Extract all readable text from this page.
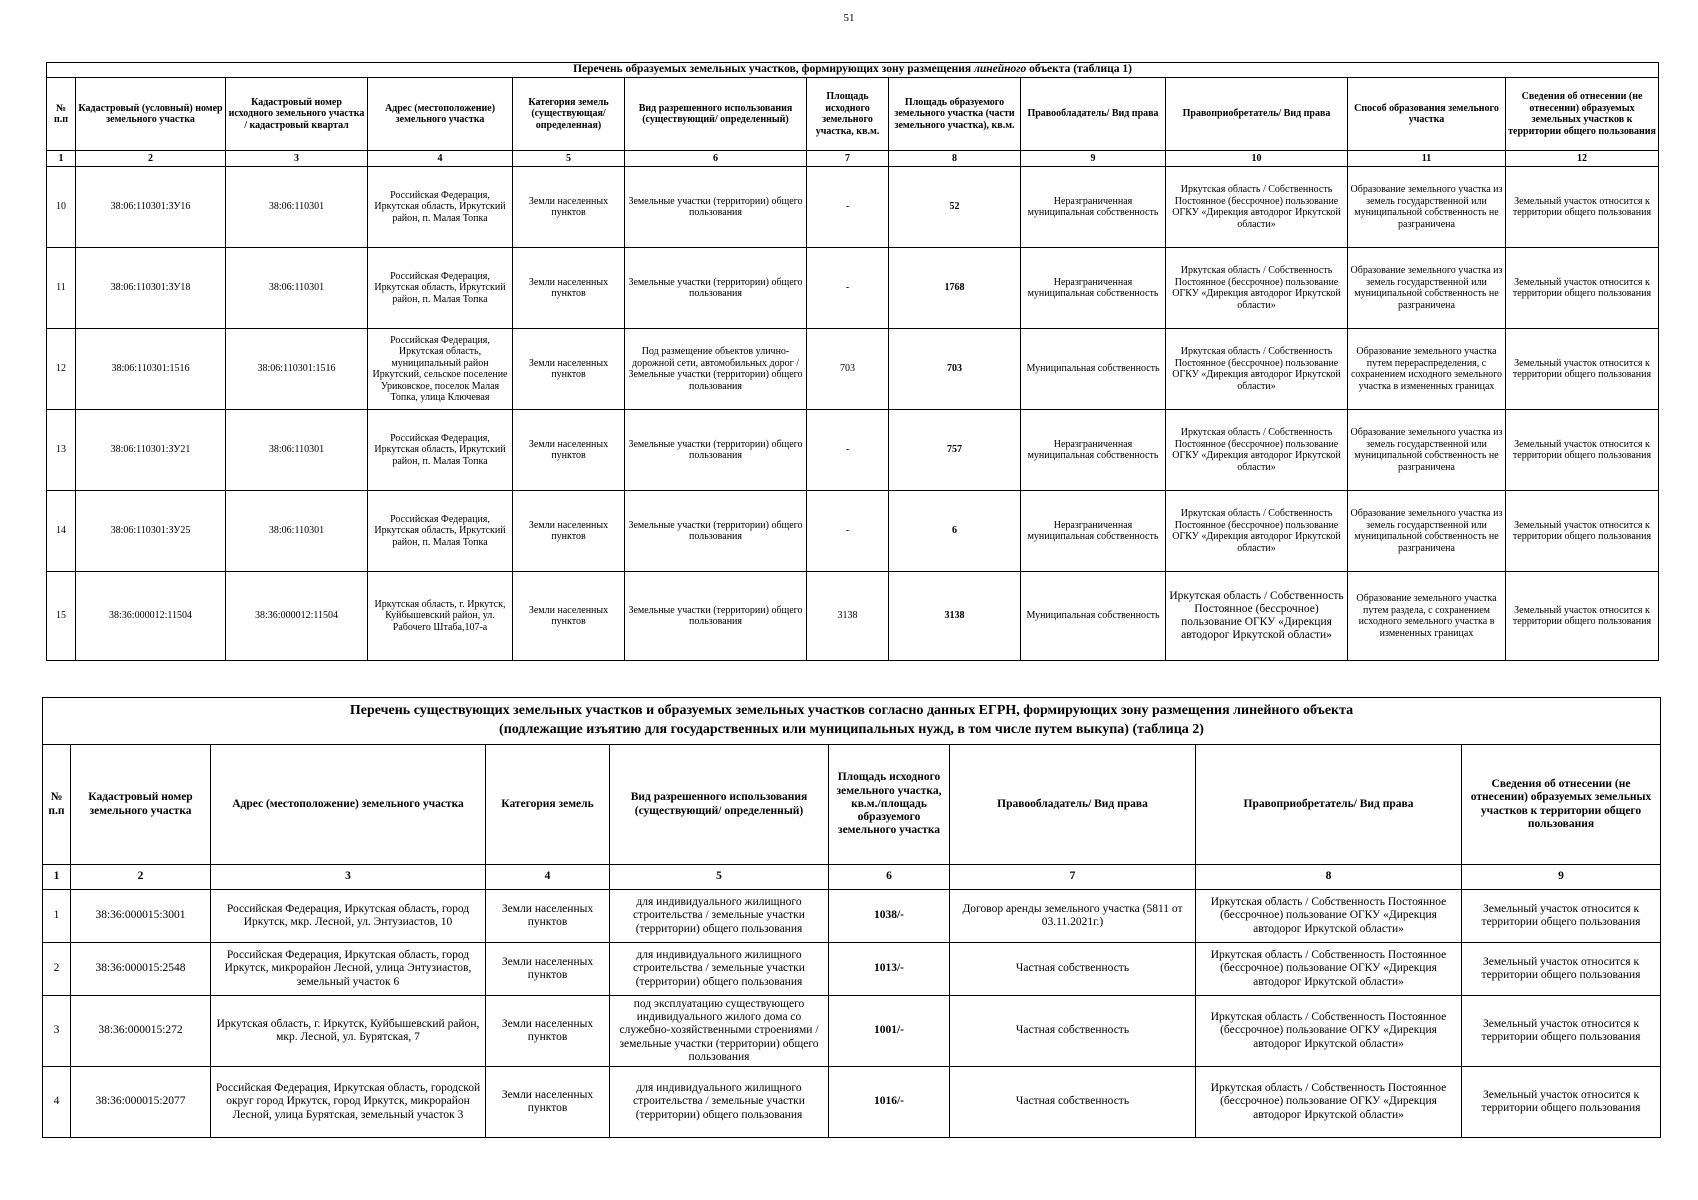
51
Перечень образуемых земельных участков, формирующих зону размещения линейного объекта (таблица 1)											
№ п.п	Кадастровый (условный) номер земельного участка	Кадастровый номер исходного земельного участка / кадастровый квартал	Адрес (местоположение) земельного участка	Категория земель (существующая/ определенная)	Вид разрешенного использования (существующий/ определенный)	Площадь исходного земельного участка, кв.м.	Площадь образуемого земельного участка (части земельного участка), кв.м.	Правообладатель/ Вид права	Правоприобретатель/ Вид права	Способ образования земельного участка	Сведения об отнесении (не отнесении) образуемых земельных участков к территории общего пользования
1	2	3	4	5	6	7	8	9	10	11	12
10	38:06:110301:ЗУ16	38:06:110301	Российская Федерация, Иркутская область, Иркутский район, п. Малая Топка	Земли населенных пунктов	Земельные участки (территории) общего пользования	-	52	Неразграниченная муниципальная собственность	Иркутская область / Собственность Постоянное (бессрочное) пользование ОГКУ «Дирекция автодорог Иркутской области»	Образование земельного участка из земель государственной или муниципальной собственность не разграничена	Земельный участок относится к территории общего пользования
11	38:06:110301:ЗУ18	38:06:110301	Российская Федерация, Иркутская область, Иркутский район, п. Малая Топка	Земли населенных пунктов	Земельные участки (территории) общего пользования	-	1768	Неразграниченная муниципальная собственность	Иркутская область / Собственность Постоянное (бессрочное) пользование ОГКУ «Дирекция автодорог Иркутской области»	Образование земельного участка из земель государственной или муниципальной собственность не разграничена	Земельный участок относится к территории общего пользования
12	38:06:110301:1516	38:06:110301:1516	Российская Федерация, Иркутская область, муниципальный район Иркутский, сельское поселение Уриковское, поселок Малая Топка, улица Ключевая	Земли населенных пунктов	Под размещение объектов улично-дорожной сети, автомобильных дорог / Земельные участки (территории) общего пользования	703	703	Муниципальная собственность	Иркутская область / Собственность Постоянное (бессрочное) пользование ОГКУ «Дирекция автодорог Иркутской области»	Образование земельного участка путем перераспределения, с сохранением исходного земельного участка в измененных границах	Земельный участок относится к территории общего пользования
13	38:06:110301:ЗУ21	38:06:110301	Российская Федерация, Иркутская область, Иркутский район, п. Малая Топка	Земли населенных пунктов	Земельные участки (территории) общего пользования	-	757	Неразграниченная муниципальная собственность	Иркутская область / Собственность Постоянное (бессрочное) пользование ОГКУ «Дирекция автодорог Иркутской области»	Образование земельного участка из земель государственной или муниципальной собственность не разграничена	Земельный участок относится к территории общего пользования
14	38:06:110301:ЗУ25	38:06:110301	Российская Федерация, Иркутская область, Иркутский район, п. Малая Топка	Земли населенных пунктов	Земельные участки (территории) общего пользования	-	6	Неразграниченная муниципальная собственность	Иркутская область / Собственность Постоянное (бессрочное) пользование ОГКУ «Дирекция автодорог Иркутской области»	Образование земельного участка из земель государственной или муниципальной собственность не разграничена	Земельный участок относится к территории общего пользования
15	38:36:000012:11504	38:36:000012:11504	Иркутская область, г. Иркутск, Куйбышевский район, ул. Рабочего Штаба,107-а	Земли населенных пунктов	Земельные участки (территории) общего пользования	3138	3138	Муниципальная собственность	Иркутская область / Собственность Постоянное (бессрочное) пользование ОГКУ «Дирекция автодорог Иркутской области»	Образование земельного участка путем раздела, с сохранением исходного земельного участка в измененных границах	Земельный участок относится к территории общего пользования
Перечень существующих земельных участков и образуемых земельных участков согласно данных ЕГРН, формирующих зону размещения линейного объекта
(подлежащие изъятию для государственных или муниципальных нужд, в том числе путем выкупа) (таблица 2)								

№ п.п	Кадастровый номер земельного участка	Адрес (местоположение) земельного участка	Категория земель	Вид разрешенного использования (существующий/ определенный)	Площадь исходного земельного участка, кв.м./площадь образуемого земельного участка	Правообладатель/ Вид права	Правоприобретатель/ Вид права	Сведения об отнесении (не отнесении) образуемых земельных участков к территории общего пользования
1	2	3	4	5	6	7	8	9
1	38:36:000015:3001	Российская Федерация, Иркутская область, город Иркутск, мкр. Лесной, ул. Энтузиастов, 10	Земли населенных пунктов	для индивидуального жилищного строительства / земельные участки (территории) общего пользования	1038/-	Договор аренды земельного участка (5811 от 03.11.2021г.)	Иркутская область / Собственность Постоянное (бессрочное) пользование ОГКУ «Дирекция автодорог Иркутской области»	Земельный участок относится к территории общего пользования
2	38:36:000015:2548	Российская Федерация, Иркутская область, город Иркутск, микрорайон Лесной, улица Энтузиастов, земельный участок 6	Земли населенных пунктов	для индивидуального жилищного строительства / земельные участки (территории) общего пользования	1013/-	Частная собственность	Иркутская область / Собственность Постоянное (бессрочное) пользование ОГКУ «Дирекция автодорог Иркутской области»	Земельный участок относится к территории общего пользования
3	38:36:000015:272	Иркутская область, г. Иркутск, Куйбышевский район, мкр. Лесной, ул. Бурятская, 7	Земли населенных пунктов	под эксплуатацию существующего индивидуального жилого дома со служебно-хозяйственными строениями / земельные участки (территории) общего пользования	1001/-	Частная собственность	Иркутская область / Собственность Постоянное (бессрочное) пользование ОГКУ «Дирекция автодорог Иркутской области»	Земельный участок относится к территории общего пользования
4	38:36:000015:2077	Российская Федерация, Иркутская область, городской округ город Иркутск, город Иркутск, микрорайон Лесной, улица Бурятская, земельный участок 3	Земли населенных пунктов	для индивидуального жилищного строительства / земельные участки (территории) общего пользования	1016/-	Частная собственность	Иркутская область / Собственность Постоянное (бессрочное) пользование ОГКУ «Дирекция автодорог Иркутской области»	Земельный участок относится к территории общего пользования
